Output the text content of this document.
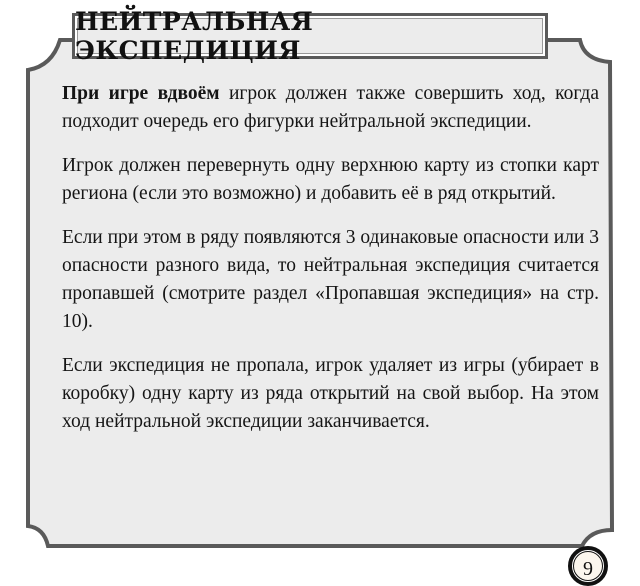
НЕЙТРАЛЬНАЯ ЭКСПЕДИЦИЯ

При игре вдвоём игрок должен также совершить ход, когда подходит очередь его фигурки нейтральной экспедиции.

Игрок должен перевернуть одну верхнюю карту из стопки карт региона (если это возможно) и добавить её в ряд открытий.

Если при этом в ряду появляются 3 одинаковые опасности или 3 опасности разного вида, то нейтральная экспедиция считается пропавшей (смотрите раздел «Пропавшая экспедиция» на стр. 10).

Если экспедиция не пропала, игрок удаляет из игры (убирает в коробку) одну карту из ряда открытий на свой выбор. На этом ход нейтральной экспедиции заканчивается.

9
